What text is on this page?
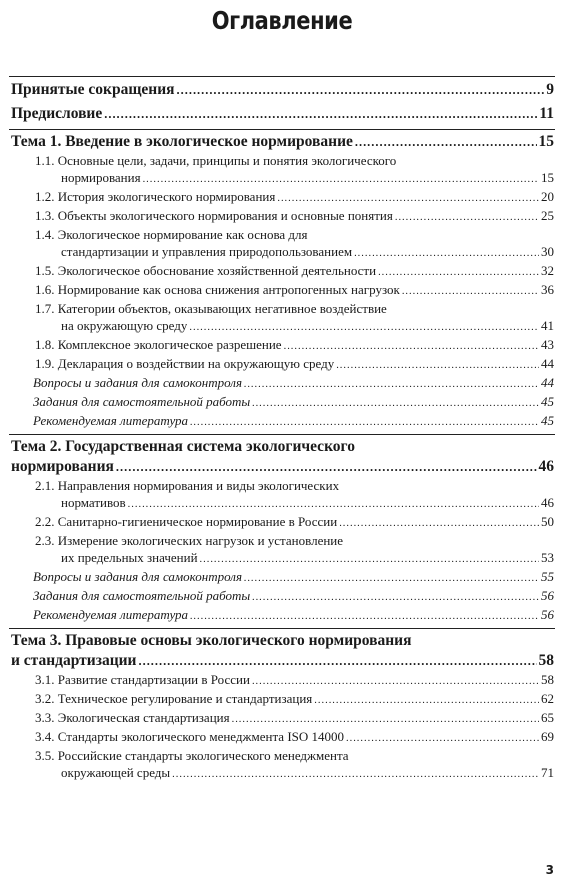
Оглавление
Принятые сокращения .....	9
Предисловие .....	11
Тема 1. Введение в экологическое нормирование .....	15
1.1. Основные цели, задачи, принципы и понятия экологического
нормирования .....	15
1.2. История экологического нормирования .....	20
1.3. Объекты экологического нормирования и основные понятия .....	25
1.4. Экологическое нормирование как основа для
стандартизации и управления природопользованием .....	30
1.5. Экологическое обоснование хозяйственной деятельности .....	32
1.6. Нормирование как основа снижения антропогенных нагрузок .....	36
1.7. Категории объектов, оказывающих негативное воздействие
на окружающую среду .....	41
1.8. Комплексное экологическое разрешение .....	43
1.9. Декларация о воздействии на окружающую среду .....	44
Вопросы и задания для самоконтроля .....	44
Задания для самостоятельной работы .....	45
Рекомендуемая литература .....	45
Тема 2. Государственная система экологического
нормирования .....	46
2.1. Направления нормирования и виды экологических
нормативов .....	46
2.2. Санитарно-гигиеническое нормирование в России .....	50
2.3. Измерение экологических нагрузок и установление
их предельных значений .....	53
Вопросы и задания для самоконтроля .....	55
Задания для самостоятельной работы .....	56
Рекомендуемая литература .....	56
Тема 3. Правовые основы экологического нормирования
и стандартизации .....	58
3.1. Развитие стандартизации в России .....	58
3.2. Техническое регулирование и стандартизация .....	62
3.3. Экологическая стандартизация .....	65
3.4. Стандарты экологического менеджмента ISO 14000 .....	69
3.5. Российские стандарты экологического менеджмента
окружающей среды .....	71
3
